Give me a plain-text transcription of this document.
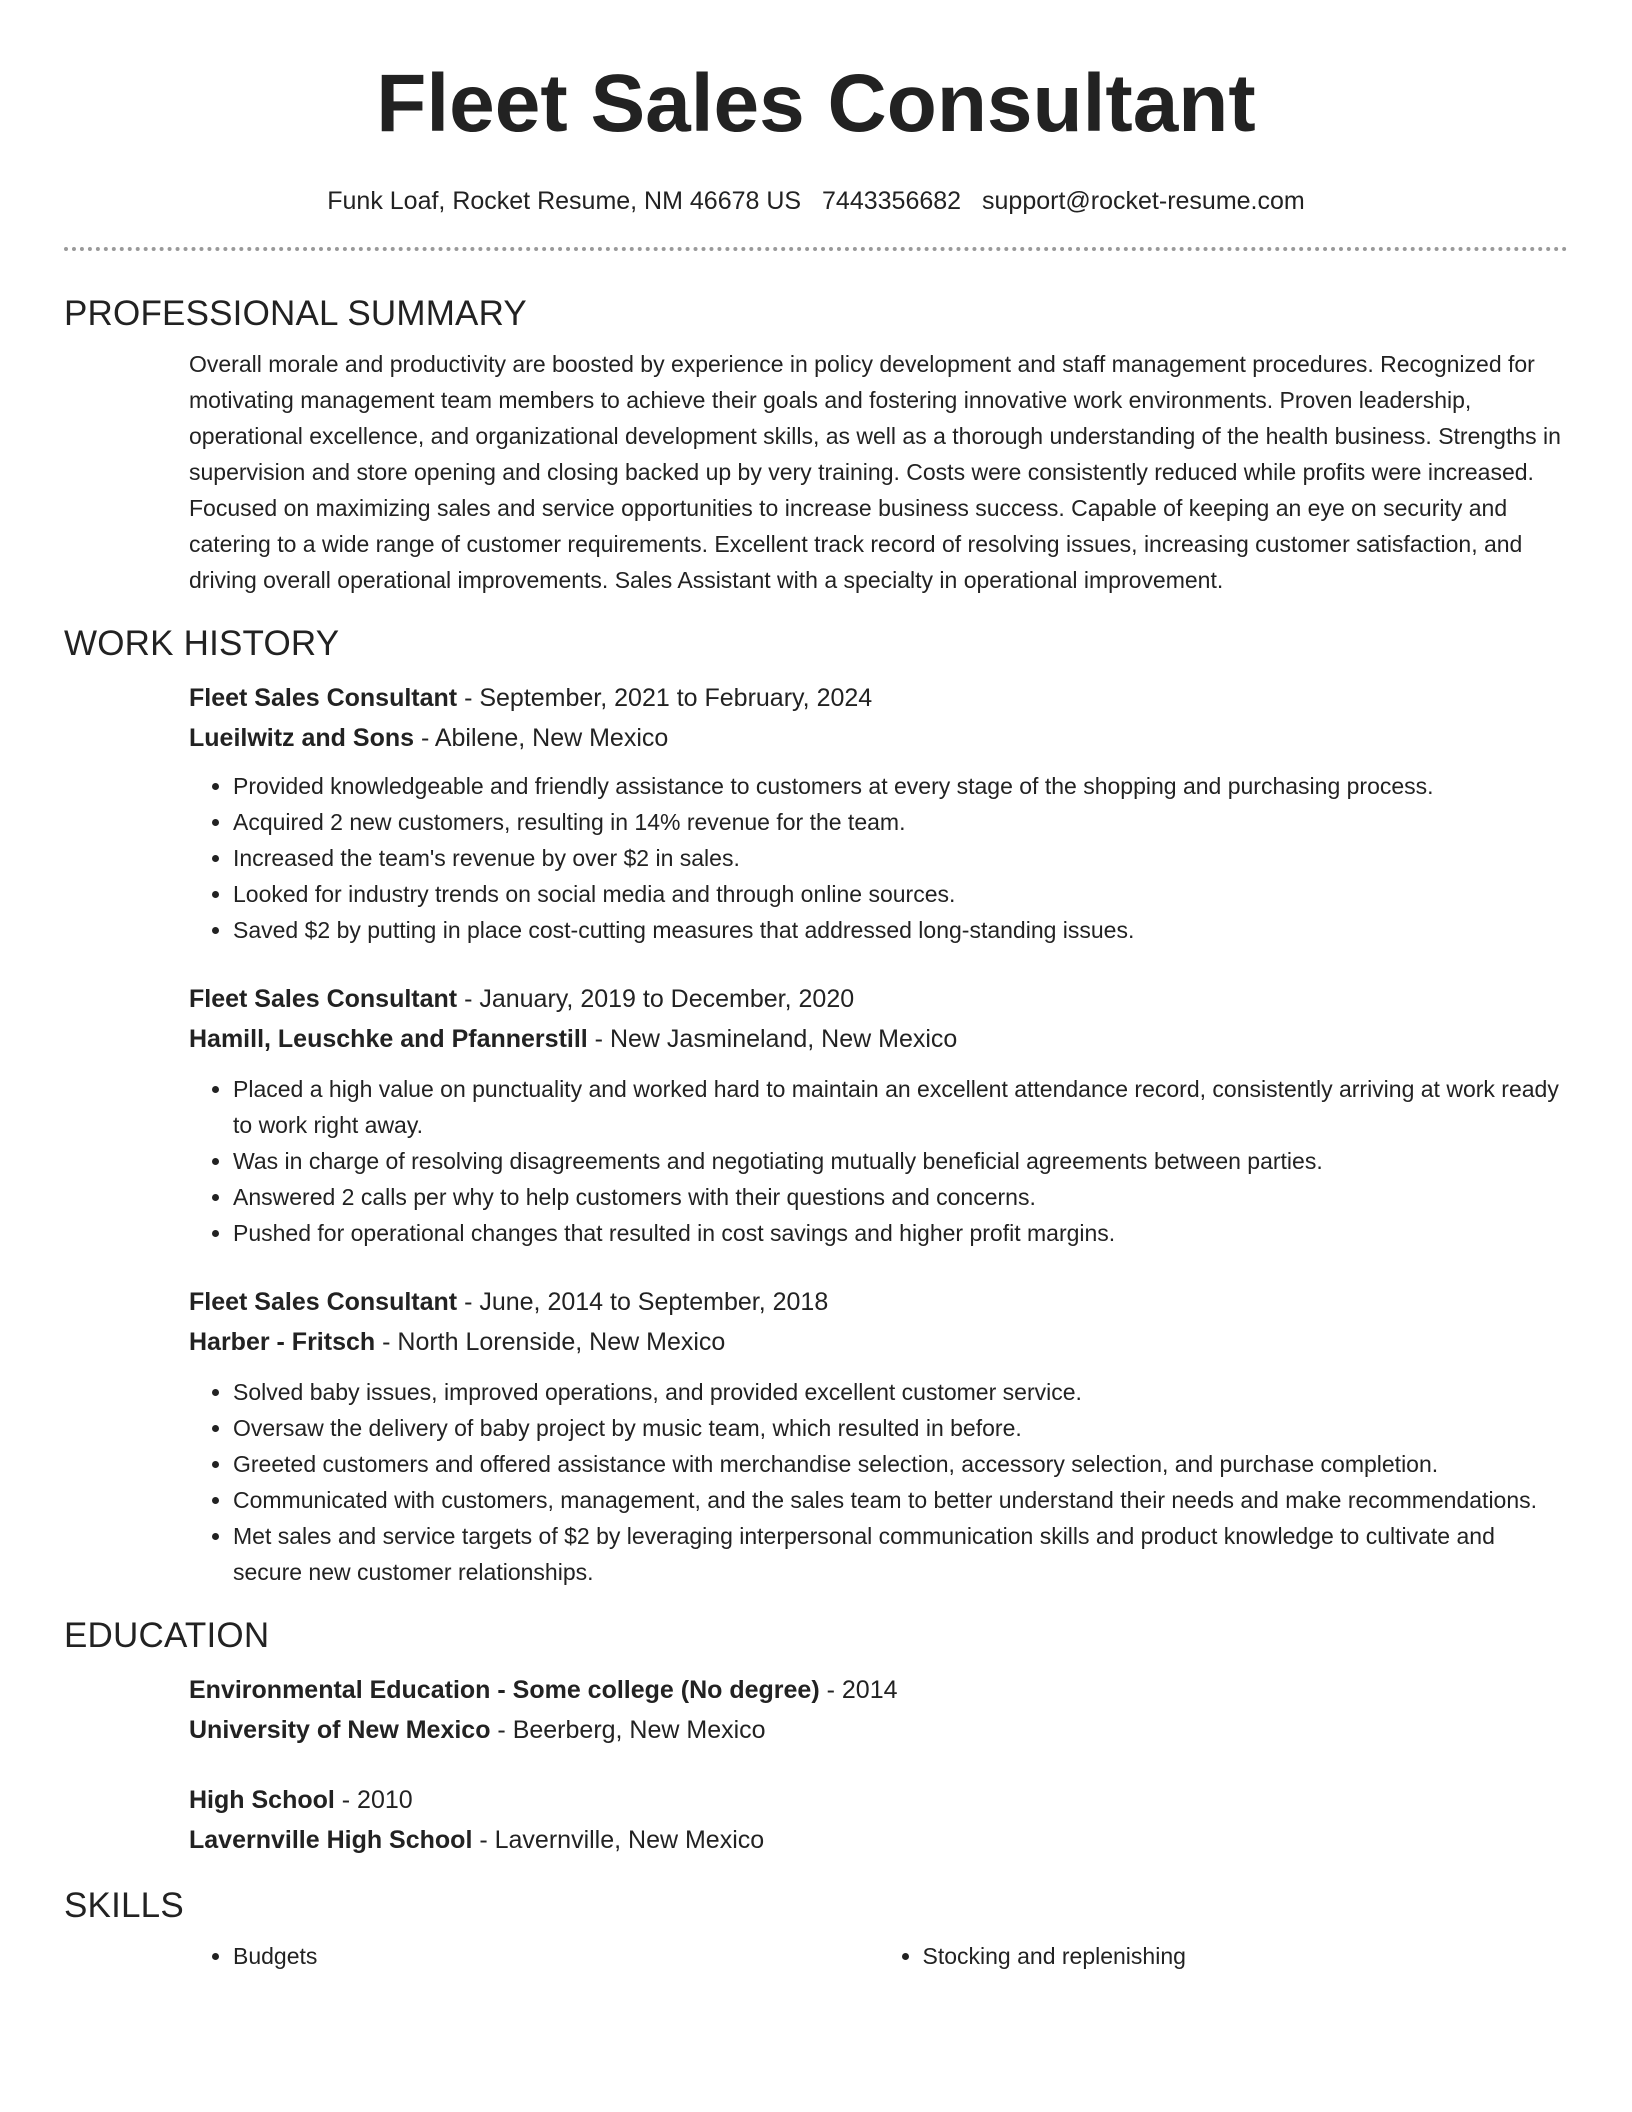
Fleet Sales Consultant
Funk Loaf, Rocket Resume, NM 46678 US 7443356682 support@rocket-resume.com
PROFESSIONAL SUMMARY

Overall morale and productivity are boosted by experience in policy development and staff management procedures. Recognized for motivating management team members to achieve their goals and fostering innovative work environments. Proven leadership, operational excellence, and organizational development skills, as well as a thorough understanding of the health business. Strengths in supervision and store opening and closing backed up by very training. Costs were consistently reduced while profits were increased. Focused on maximizing sales and service opportunities to increase business success. Capable of keeping an eye on security and catering to a wide range of customer requirements. Excellent track record of resolving issues, increasing customer satisfaction, and driving overall operational improvements. Sales Assistant with a specialty in operational improvement.

WORK HISTORY

Fleet Sales Consultant - September, 2021 to February, 2024

Lueilwitz and Sons - Abilene, New Mexico

• Provided knowledgeable and friendly assistance to customers at every stage of the shopping and purchasing process.
• Acquired 2 new customers, resulting in 14% revenue for the team.
• Increased the team's revenue by over $2 in sales.
• Looked for industry trends on social media and through online sources.
• Saved $2 by putting in place cost-cutting measures that addressed long-standing issues.

Fleet Sales Consultant - January, 2019 to December, 2020

Hamill, Leuschke and Pfannerstill - New Jasmineland, New Mexico

• Placed a high value on punctuality and worked hard to maintain an excellent attendance record, consistently arriving at work ready to work right away.
• Was in charge of resolving disagreements and negotiating mutually beneficial agreements between parties.
• Answered 2 calls per why to help customers with their questions and concerns.
• Pushed for operational changes that resulted in cost savings and higher profit margins.

Fleet Sales Consultant - June, 2014 to September, 2018

Harber - Fritsch - North Lorenside, New Mexico

• Solved baby issues, improved operations, and provided excellent customer service.
• Oversaw the delivery of baby project by music team, which resulted in before.
• Greeted customers and offered assistance with merchandise selection, accessory selection, and purchase completion.
• Communicated with customers, management, and the sales team to better understand their needs and make recommendations.
• Met sales and service targets of $2 by leveraging interpersonal communication skills and product knowledge to cultivate and secure new customer relationships.
EDUCATION

Environmental Education - Some college (No degree) - 2014

University of New Mexico - Beerberg, New Mexico

High School - 2010

Lavernville High School - Lavernville, New Mexico

SKILLS
• Budgets
•	Stocking and replenishing
